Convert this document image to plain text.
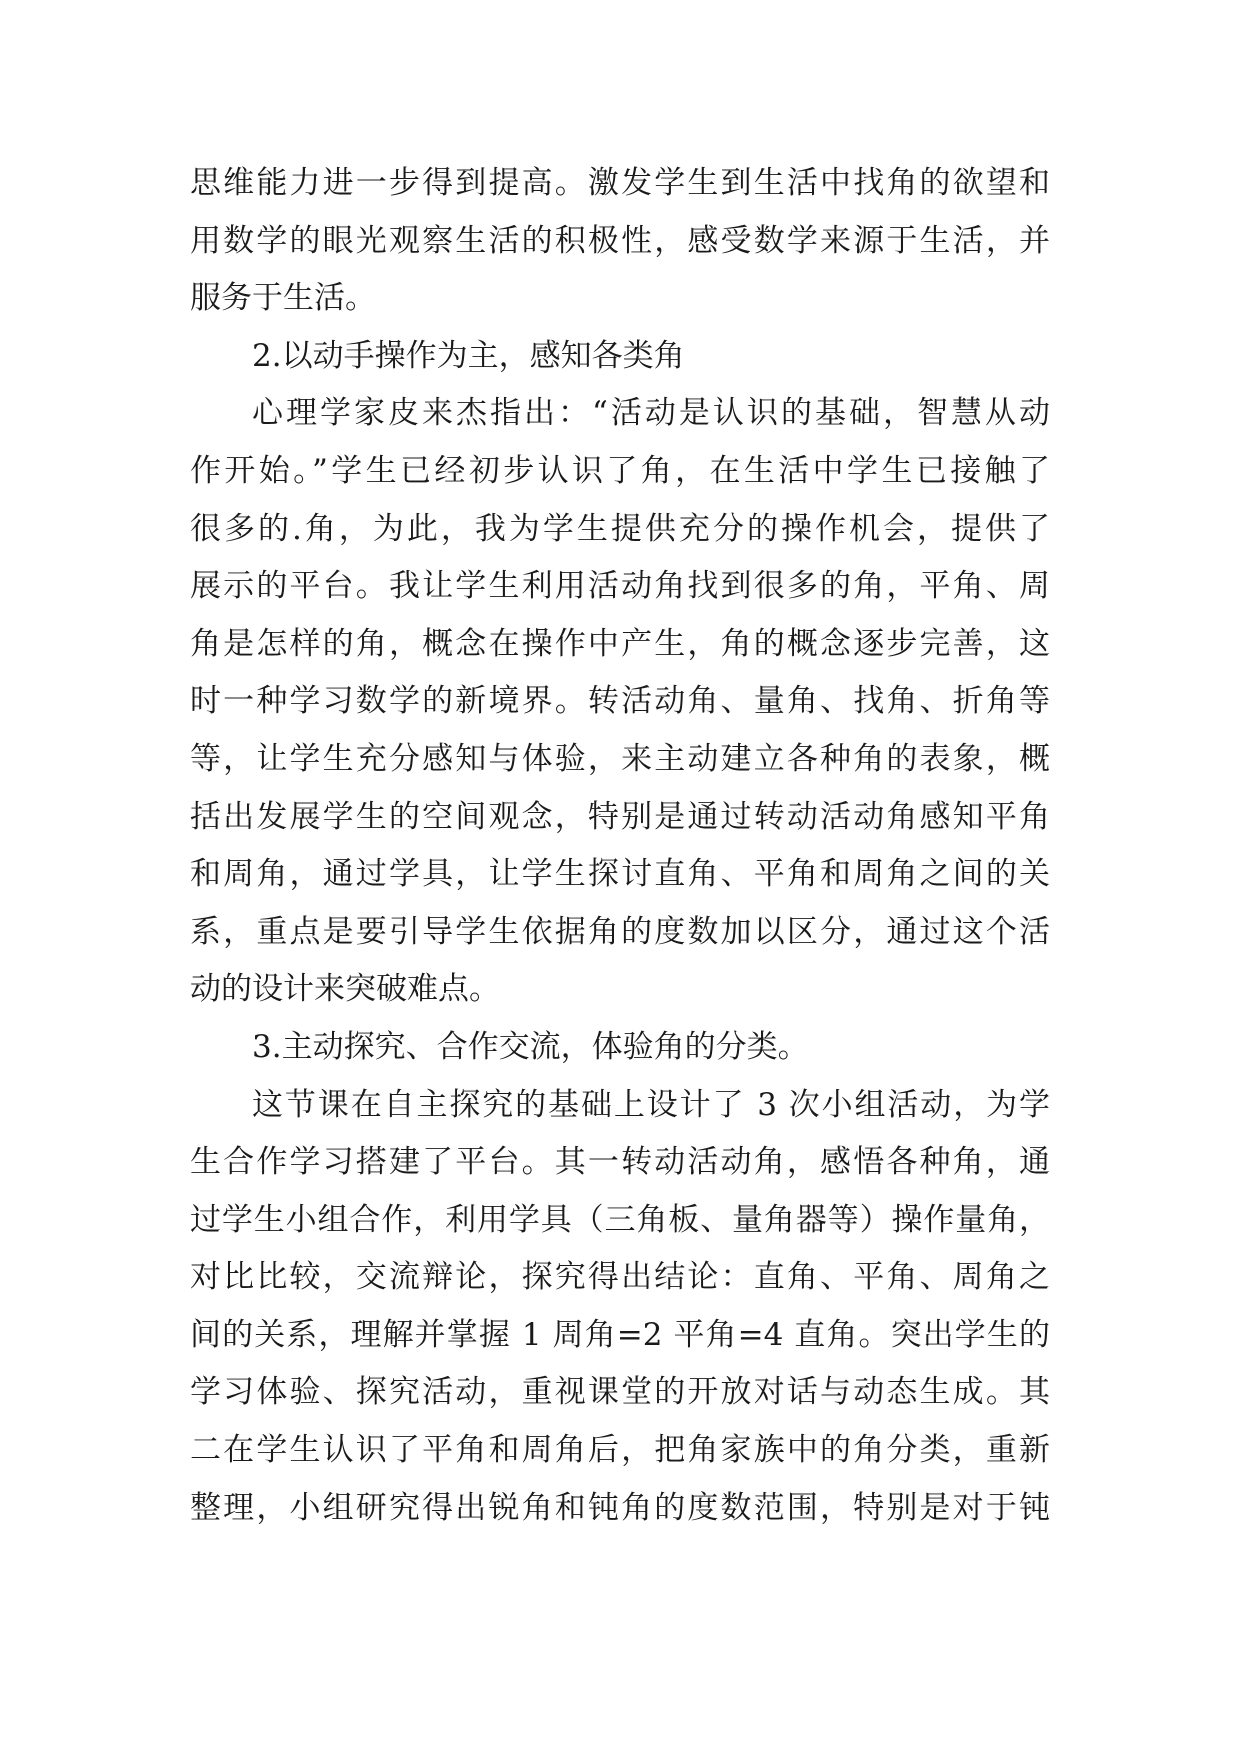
思维能力进一步得到提高。激发学生到生活中找角的欲望和
用数学的眼光观察生活的积极性，感受数学来源于生活，并
服务于生活。
2.以动手操作为主，感知各类角
心理学家皮来杰指出：“活动是认识的基础，智慧从动
作开始。”学生已经初步认识了角，在生活中学生已接触了
很多的.角，为此，我为学生提供充分的操作机会，提供了
展示的平台。我让学生利用活动角找到很多的角，平角、周
角是怎样的角，概念在操作中产生，角的概念逐步完善，这
时一种学习数学的新境界。转活动角、量角、找角、折角等
等，让学生充分感知与体验，来主动建立各种角的表象，概
括出发展学生的空间观念，特别是通过转动活动角感知平角
和周角，通过学具，让学生探讨直角、平角和周角之间的关
系，重点是要引导学生依据角的度数加以区分，通过这个活
动的设计来突破难点。
3.主动探究、合作交流，体验角的分类。
这节课在自主探究的基础上设计了 3 次小组活动，为学
生合作学习搭建了平台。其一转动活动角，感悟各种角，通
过学生小组合作，利用学具（三角板、量角器等）操作量角，
对比比较，交流辩论，探究得出结论：直角、平角、周角之
间的关系，理解并掌握 1 周角=2 平角=4 直角。突出学生的
学习体验、探究活动，重视课堂的开放对话与动态生成。其
二在学生认识了平角和周角后，把角家族中的角分类，重新
整理，小组研究得出锐角和钝角的度数范围，特别是对于钝
